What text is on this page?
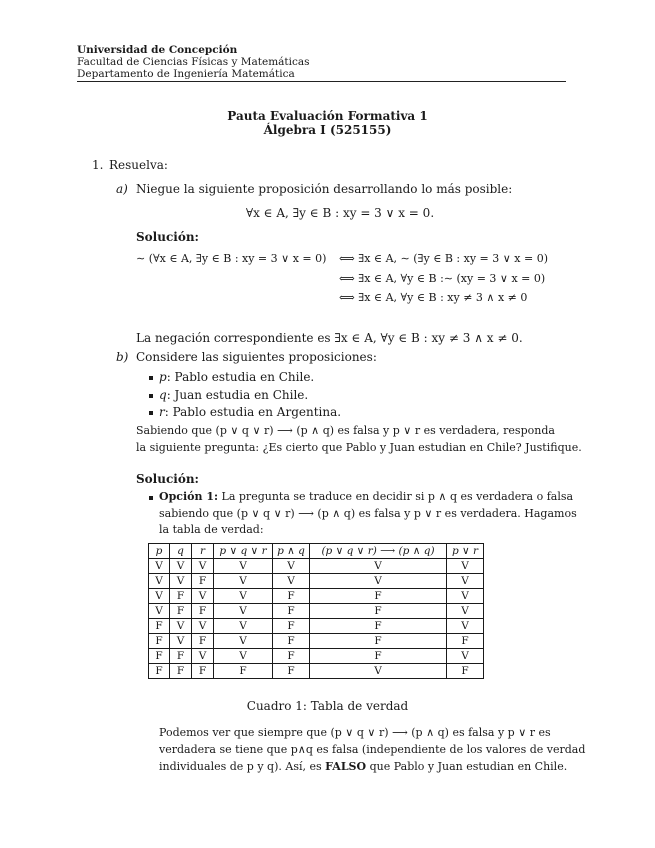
Universidad de Concepción
Facultad de Ciencias Físicas y Matemáticas
Departamento de Ingeniería Matemática
Pauta Evaluación Formativa 1
Álgebra I (525155)
1. Resuelva:
a) Niegue la siguiente proposición desarrollando lo más posible:
∀x ∈ A, ∃y ∈ B : xy = 3 ∨ x = 0.
Solución:
∼ (∀x ∈ A, ∃y ∈ B : xy = 3 ∨ x = 0) ⟺ ∃x ∈ A, ∼ (∃y ∈ B : xy = 3 ∨ x = 0)
⟺ ∃x ∈ A, ∀y ∈ B :∼ (xy = 3 ∨ x = 0)
⟺ ∃x ∈ A, ∀y ∈ B : xy ≠ 3 ∧ x ≠ 0
La negación correspondiente es ∃x ∈ A, ∀y ∈ B : xy ≠ 3 ∧ x ≠ 0.
b) Considere las siguientes proposiciones:
p: Pablo estudia en Chile.
q: Juan estudia en Chile.
r: Pablo estudia en Argentina.
Sabiendo que (p ∨ q ∨ r) ⟶ (p ∧ q) es falsa y p ∨ r es verdadera, responda
la siguiente pregunta: ¿Es cierto que Pablo y Juan estudian en Chile? Justifique.
Solución:
Opción 1: La pregunta se traduce en decidir si p ∧ q es verdadera o falsa
sabiendo que (p ∨ q ∨ r) ⟶ (p ∧ q) es falsa y p ∨ r es verdadera. Hagamos
la tabla de verdad:
p	q	r	p ∨ q ∨ r	p ∧ q	(p ∨ q ∨ r) ⟶ (p ∧ q)	p ∨ r
V	V	V	V	V	V	V
V	V	F	V	V	V	V
V	F	V	V	F	F	V
V	F	F	V	F	F	V
F	V	V	V	F	F	V
F	V	F	V	F	F	F
F	F	V	V	F	F	V
F	F	F	F	F	V	F
Cuadro 1: Tabla de verdad
Podemos ver que siempre que (p ∨ q ∨ r) ⟶ (p ∧ q) es falsa y p ∨ r es
verdadera se tiene que p∧q es falsa (independiente de los valores de verdad
individuales de p y q). Así, es FALSO que Pablo y Juan estudian en Chile.
